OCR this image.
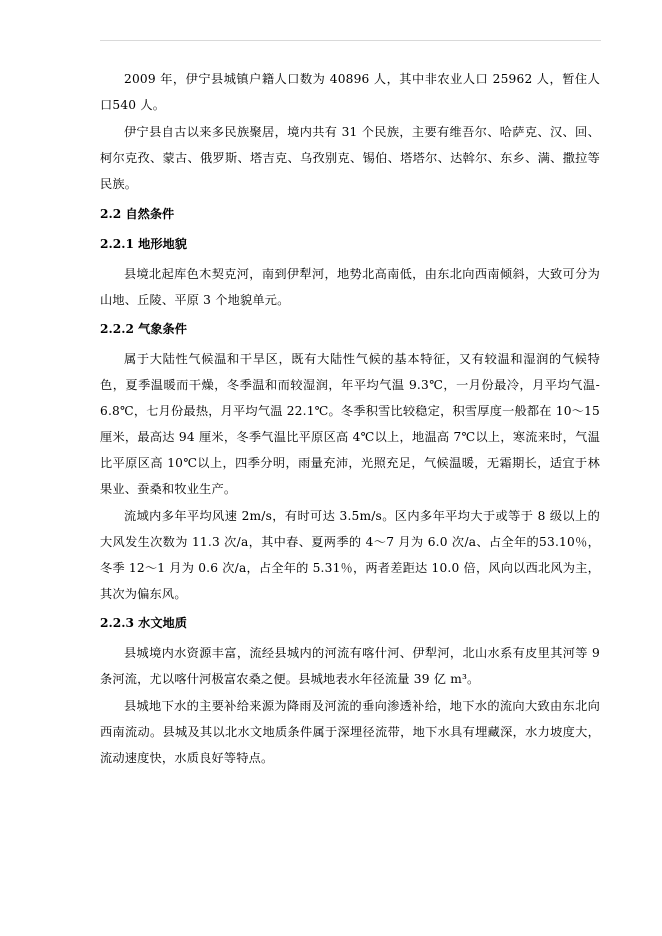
2009 年，伊宁县城镇户籍人口数为 40896 人，其中非农业人口 25962 人，暂住人口540 人。

伊宁县自古以来多民族聚居，境内共有 31 个民族，主要有维吾尔、哈萨克、汉、回、柯尔克孜、蒙古、俄罗斯、塔吉克、乌孜别克、锡伯、塔塔尔、达斡尔、东乡、满、撒拉等民族。

2.2 自然条件
2.2.1 地形地貌

县境北起库色木契克河，南到伊犁河，地势北高南低，由东北向西南倾斜，大致可分为山地、丘陵、平原 3 个地貌单元。

2.2.2 气象条件

属于大陆性气候温和干旱区，既有大陆性气候的基本特征，又有较温和湿润的气候特色，夏季温暖而干燥，冬季温和而较湿润，年平均气温 9.3℃，一月份最冷，月平均气温-6.8℃，七月份最热，月平均气温 22.1℃。冬季积雪比较稳定，积雪厚度一般都在 10～15 厘米，最高达 94 厘米，冬季气温比平原区高 4℃以上，地温高 7℃以上，寒流来时，气温比平原区高 10℃以上，四季分明，雨量充沛，光照充足，气候温暖，无霜期长，适宜于林果业、蚕桑和牧业生产。

流域内多年平均风速 2m/s，有时可达 3.5m/s。区内多年平均大于或等于 8 级以上的大风发生次数为 11.3 次/a，其中春、夏两季的 4～7 月为 6.0 次/a、占全年的53.10％，冬季 12～1 月为 0.6 次/a，占全年的 5.31％，两者差距达 10.0 倍，风向以西北风为主，其次为偏东风。

2.2.3 水文地质

县城境内水资源丰富，流经县城内的河流有喀什河、伊犁河，北山水系有皮里其河等 9 条河流，尤以喀什河极富农桑之便。县城地表水年径流量 39 亿 m³。

县城地下水的主要补给来源为降雨及河流的垂向渗透补给，地下水的流向大致由东北向西南流动。县城及其以北水文地质条件属于深埋径流带，地下水具有埋藏深，水力坡度大，流动速度快，水质良好等特点。
